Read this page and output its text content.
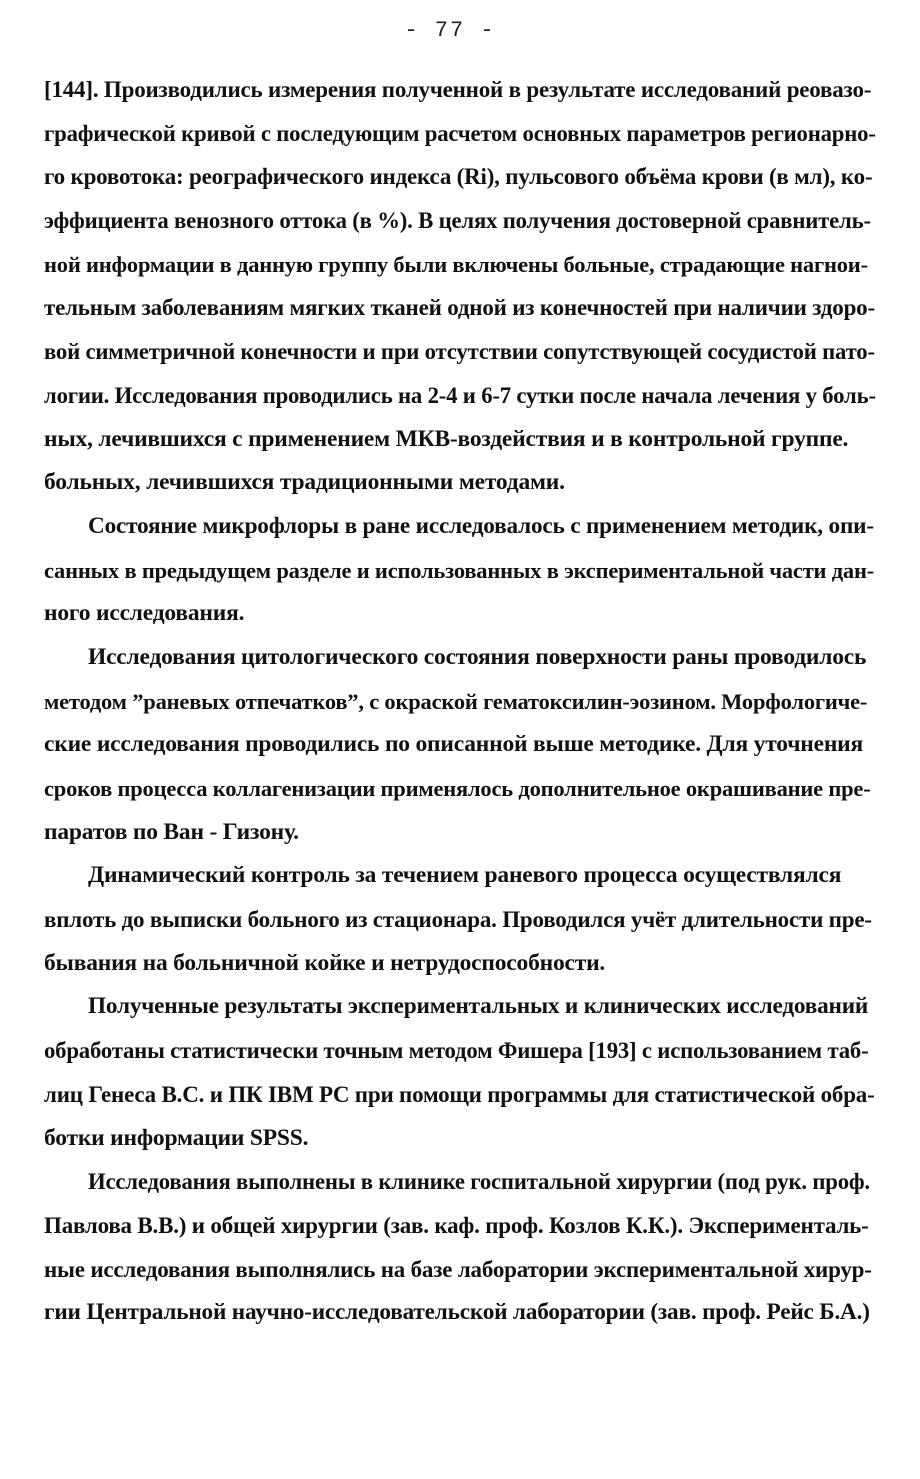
- 77 -
[144]. Производились измерения полученной в результате исследований реовазо-
графической кривой с последующим расчетом основных параметров регионарно-
го кровотока: реографического индекса (Ri), пульсового объёма крови (в мл), ко-
эффициента венозного оттока (в %). В целях получения достоверной сравнитель-
ной информации в данную группу были включены больные, страдающие нагнои-
тельным заболеваниям мягких тканей одной из конечностей при наличии здоро-
вой симметричной конечности и при отсутствии сопутствующей сосудистой пато-
логии. Исследования проводились на 2-4 и 6-7 сутки после начала лечения у боль-
ных, лечившихся с применением МКВ-воздействия и в контрольной группе.
больных, лечившихся традиционными методами.
Состояние микрофлоры в ране исследовалось с применением методик, опи-
санных в предыдущем разделе и использованных в экспериментальной части дан-
ного исследования.
Исследования цитологического состояния поверхности раны проводилось
методом ”раневых отпечатков”, с окраской гематоксилин-эозином. Морфологиче-
ские исследования проводились по описанной выше методике. Для уточнения
сроков процесса коллагенизации применялось дополнительное окрашивание пре-
паратов по Ван - Гизону.
Динамический контроль за течением раневого процесса осуществлялся
вплоть до выписки больного из стационара. Проводился учёт длительности пре-
бывания на больничной койке и нетрудоспособности.
Полученные результаты экспериментальных и клинических исследований
обработаны статистически точным методом Фишера [193] с использованием таб-
лиц Генеса В.С. и ПК IBM PC при помощи программы для статистической обра-
ботки информации SPSS.
Исследования выполнены в клинике госпитальной хирургии (под рук. проф.
Павлова В.В.) и общей хирургии (зав. каф. проф. Козлов К.К.). Эксперименталь-
ные исследования выполнялись на базе лаборатории экспериментальной хирур-
гии Центральной научно-исследовательской лаборатории (зав. проф. Рейс Б.А.)
